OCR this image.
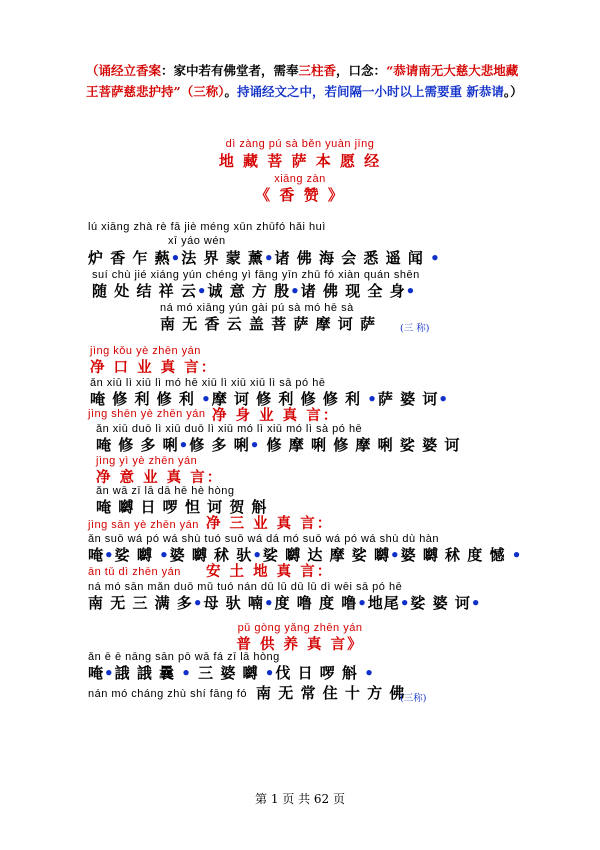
（诵经立香案：家中若有佛堂者，需奉三柱香，口念：“恭请南无大慈大悲地藏王菩萨慈悲护持”（三称）。持诵经文之中，若间隔一小时以上需要重 新恭请。）
dì zàng pú sà běn yuàn jīng
地 藏 菩 萨 本 愿 经
xiāng zàn
《 香 赞 》
lú xiāng zhà rè fā jiè méng xūn zhūfó hǎi huì
xī yáo wén
炉 香 乍 爇•法 界 蒙 薰•诸 佛 海 会 悉 遥 闻 •
suí chù jié xiáng yún chéng yì fāng yīn zhū fó xiàn quán shēn
随 处 结 祥 云•诚 意 方 殷•诸 佛 现 全 身•
ná mó xiāng yún gài pú sà mó hē sà
南 无 香 云 盖 菩 萨 摩 诃 萨	(三 称)
jìng kǒu yè zhēn yán
净 口 业 真 言：
ǎn xiū lì xiū lì mó hē xiū lì xiū xiū lì sā pó hē
唵 修 利 修 利 •摩 诃 修 利 修 修 利 •萨 婆 诃•
jìng shēn yè zhēn yán 净 身 业 真 言：
ǎn xiū duō lì xiū duō lì xiū mó lì xiū mó lì sà pó hē
唵 修 多 唎•修 多 唎• 修 摩 唎 修 摩 唎 娑 婆 诃
jìng yì yè zhēn yán
净 意 业 真 言：
ǎn wā zī lā dā hē hè hòng
唵 嚩 日 啰 怛 诃 贺 斛
jìng sān yè zhēn yán 净 三 业 真 言：
ǎn suō wá pó wá shù tuó suō wá dá mó suō wá pó wá shù dù hàn
唵•娑 嚩 •婆 嚩 秫 驮•娑 嚩 达 摩 娑 嚩•婆 嚩 秫 度 憾 •
ān tǔ dì zhēn yán 安 土 地 真 言：
ná mó sān mǎn duō mǔ tuó nán dū lū dū lū dì wēi sā pó hē
南 无 三 满 多•母 驮 喃•度 噜 度 噜•地尾•娑 婆 诃•
pǔ gòng yǎng zhēn yán
普 供 养 真 言》
ǎn ē ē nāng sān pō wā fá zī lā hòng
唵•誐 誐 曩 • 三 婆 嚩 •伐 日 啰 斛 •
nán mó cháng zhù shí fāng fó 南 无 常 住 十 方 佛
(三称)
第 1 页 共 62 页
